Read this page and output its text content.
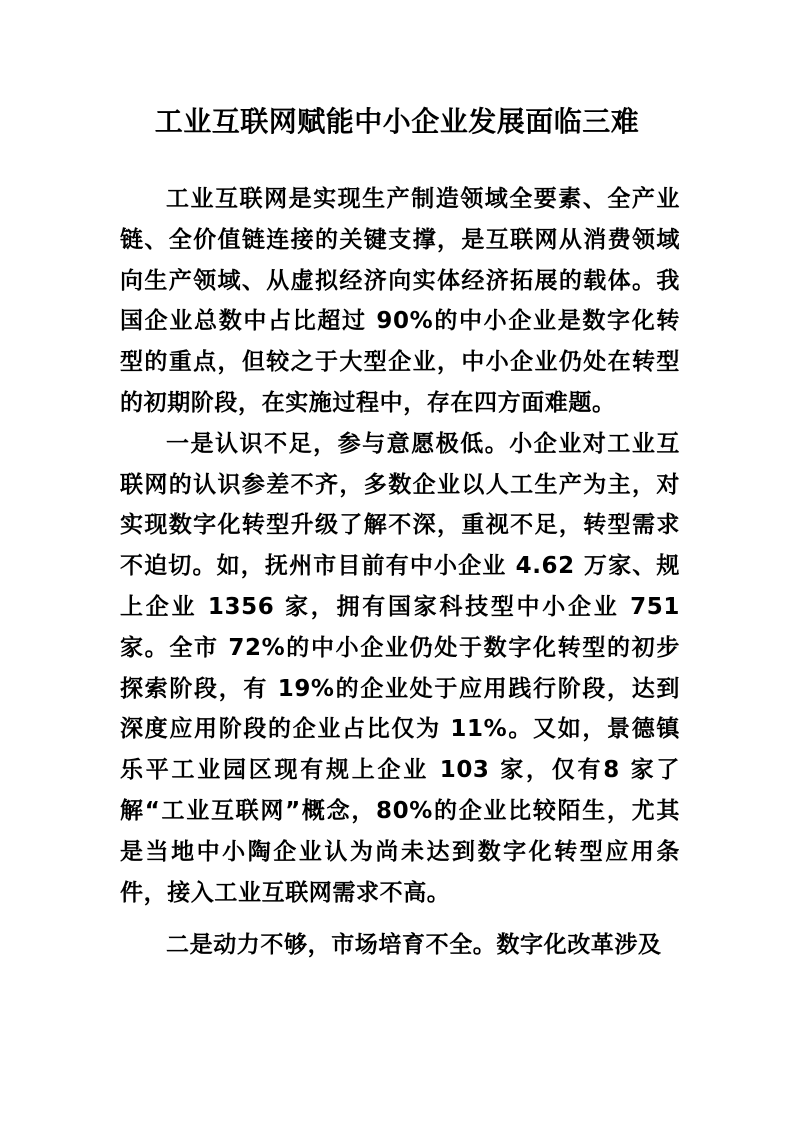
工业互联网赋能中小企业发展面临三难

工业互联网是实现生产制造领域全要素、全产业链、全价值链连接的关键支撑，是互联网从消费领域向生产领域、从虚拟经济向实体经济拓展的载体。我国企业总数中占比超过 90%的中小企业是数字化转型的重点，但较之于大型企业，中小企业仍处在转型的初期阶段，在实施过程中，存在四方面难题。

一是认识不足，参与意愿极低。小企业对工业互联网的认识参差不齐，多数企业以人工生产为主，对实现数字化转型升级了解不深，重视不足，转型需求不迫切。如，抚州市目前有中小企业 4.62 万家、规上企业 1356 家，拥有国家科技型中小企业 751 家。全市 72%的中小企业仍处于数字化转型的初步探索阶段，有 19%的企业处于应用践行阶段，达到深度应用阶段的企业占比仅为 11%。又如，景德镇乐平工业园区现有规上企业 103 家，仅有8 家了解“工业互联网”概念，80%的企业比较陌生，尤其是当地中小陶企业认为尚未达到数字化转型应用条件，接入工业互联网需求不高。

二是动力不够，市场培育不全。数字化改革涉及
